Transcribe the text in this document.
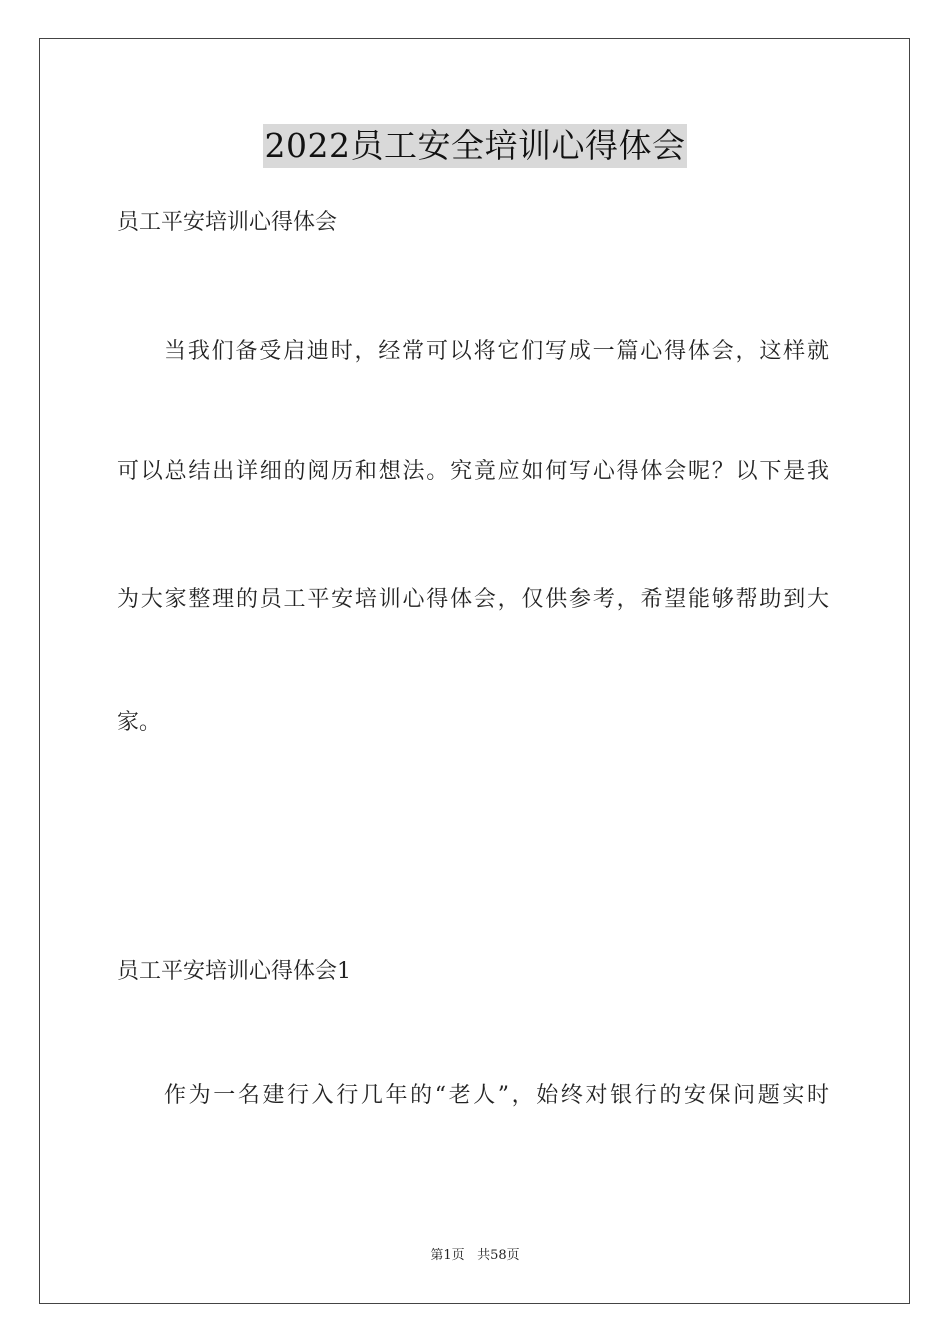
2022员工安全培训心得体会
员工平安培训心得体会
当我们备受启迪时，经常可以将它们写成一篇心得体会，这样就
可以总结出详细的阅历和想法。究竟应如何写心得体会呢？以下是我
为大家整理的员工平安培训心得体会，仅供参考，希望能够帮助到大
家。
员工平安培训心得体会1
作为一名建行入行几年的“老人”，始终对银行的安保问题实时
第1页 共58页
